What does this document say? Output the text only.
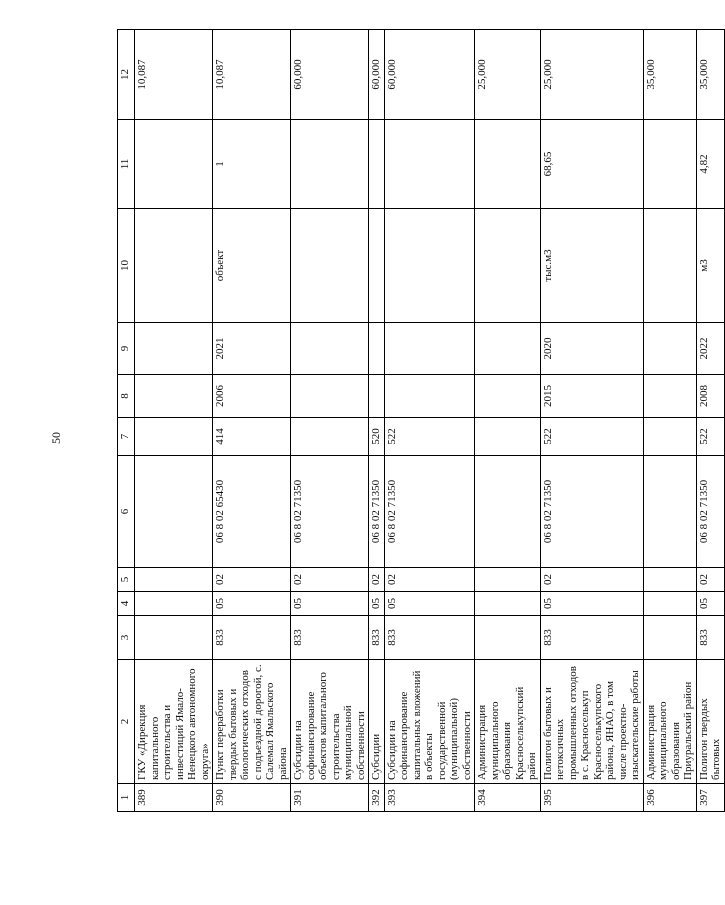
50
1	2	3	4	5	6	7	8	9	10	11	12
389	ГКУ «Дирекция капитального строительства и инвестиций Ямало-Ненецкого автономного округа»										10,087
390	Пункт переработки твердых бытовых и биологических отходов с подъездной дорогой, с. Салемал Ямальского района	833	05	02	06 8 02 65430	414	2006	2021	объект	1	10,087
391	Субсидии на софинансирование объектов капитального строительства муниципальной собственности	833	05	02	06 8 02 71350						60,000
392	Субсидии	833	05	02	06 8 02 71350	520					60,000
393	Субсидии на софинансирование капитальных вложений в объекты государственной (муниципальной) собственности	833	05	02	06 8 02 71350	522					60,000
394	Администрация муниципального образования Красноселькупский район										25,000
395	Полигон бытовых и нетоксичных промышленных отходов в с. Красноселькуп Красноселькупского района, ЯНАО, в том числе проектно-изыскательские работы	833	05	02	06 8 02 71350	522	2015	2020	тыс.м3	68,65	25,000
396	Администрация муниципального образования Приуральский район										35,000
397	Полигон твердых бытовых	833	05	02	06 8 02 71350	522	2008	2022	м3	4,82	35,000
